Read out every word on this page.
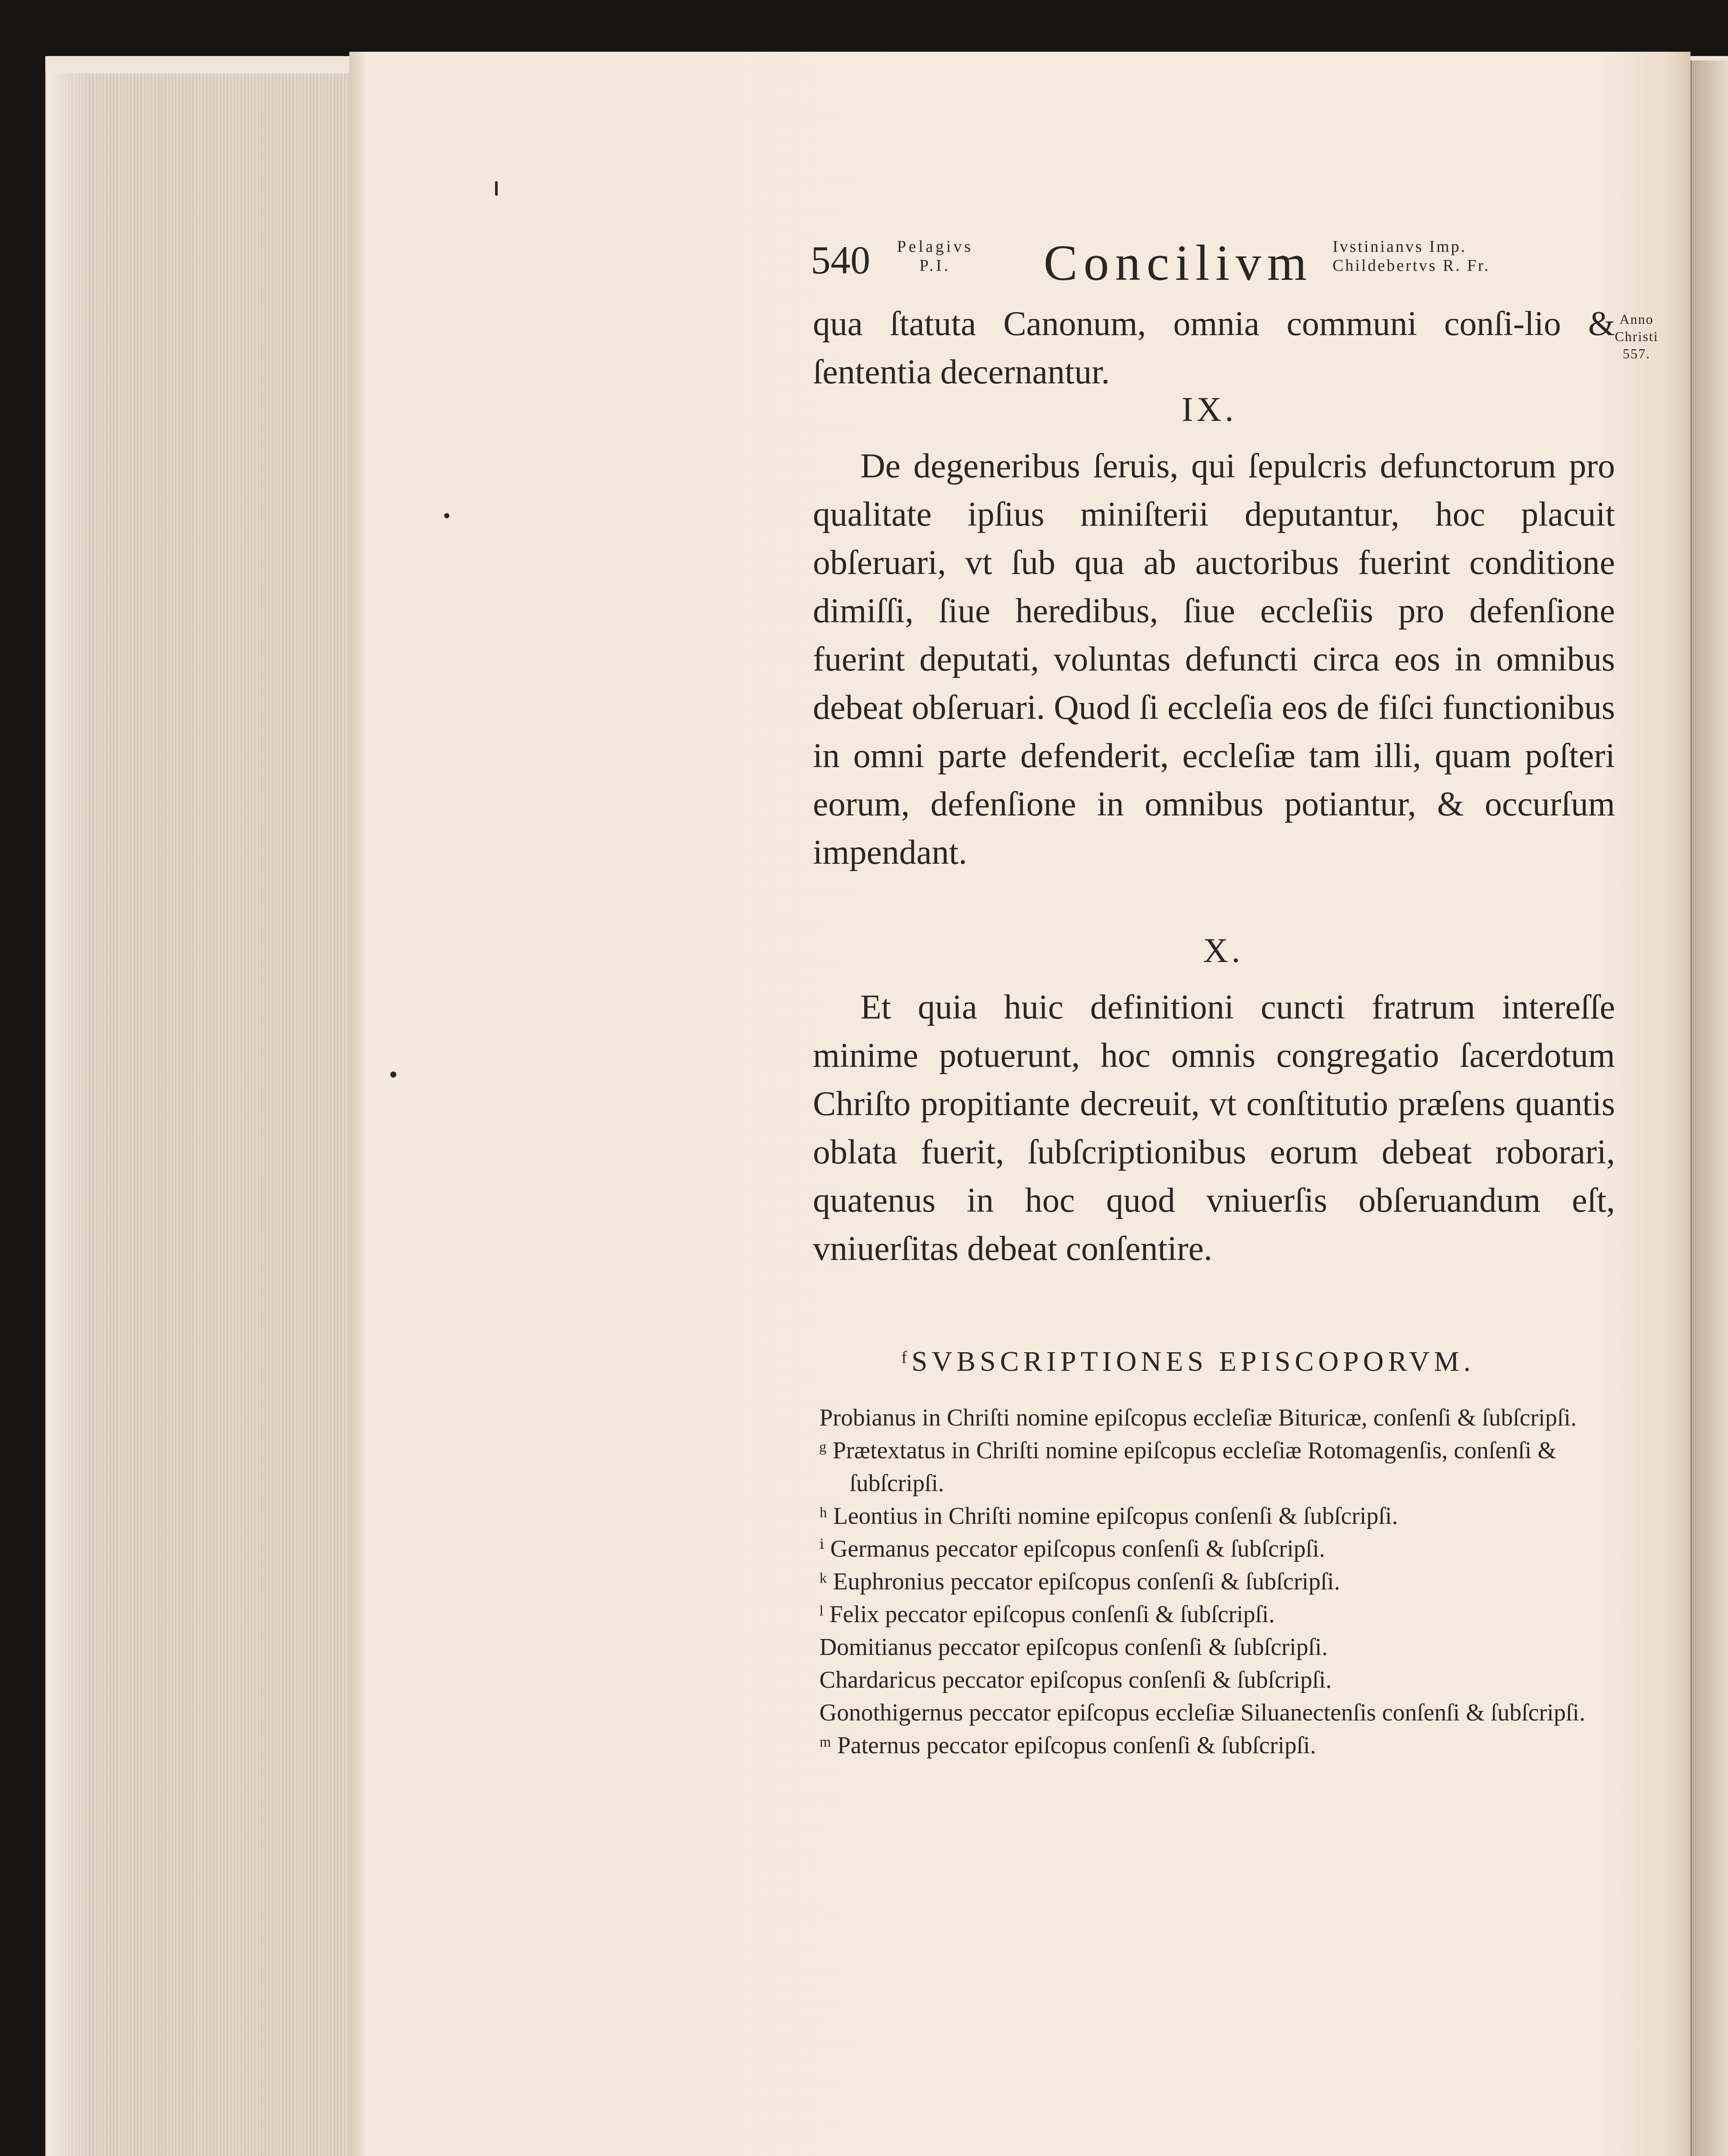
540 Pelagivs
P.I.	Concilivm Ivstinianvs Imp.
Childebertvs R. Fr.
Anno
Christi
557.

qua ſtatuta Canonum, omnia communi conſi-lio & ſententia decernantur.

IX.

De degeneribus ſeruis, qui ſepulcris defunctorum pro qualitate ipſius miniſterii deputantur, hoc placuit obſeruari, vt ſub qua ab auctoribus fuerint conditione dimiſſi, ſiue heredibus, ſiue eccleſiis pro defenſione fuerint deputati, voluntas defuncti circa eos in omnibus debeat obſeruari. Quod ſi eccleſia eos de fiſci functionibus in omni parte defenderit, eccleſiæ tam illi, quam poſteri eorum, defenſione in omnibus potiantur, & occurſum impendant.

X.

Et quia huic definitioni cuncti fratrum intereſſe minime potuerunt, hoc omnis congregatio ſacerdotum Chriſto propitiante decreuit, vt conſtitutio præſens quantis oblata fuerit, ſubſcriptionibus eorum debeat roborari, quatenus in hoc quod vniuerſis obſeruandum eſt, vniuerſitas debeat conſentire.

ᶠSVBSCRIPTIONES EPISCOPORVM.

Probianus in Chriſti nomine epiſcopus eccleſiæ Bituricæ, conſenſi & ſubſcripſi.

ᵍ Prætextatus in Chriſti nomine epiſcopus eccleſiæ Rotomagenſis, conſenſi & ſubſcripſi.

ʰ Leontius in Chriſti nomine epiſcopus conſenſi & ſubſcripſi.

ⁱ Germanus peccator epiſcopus conſenſi & ſubſcripſi.

ᵏ Euphronius peccator epiſcopus conſenſi & ſubſcripſi.

ˡ Felix peccator epiſcopus conſenſi & ſubſcripſi.

Domitianus peccator epiſcopus conſenſi & ſubſcripſi.

Chardaricus peccator epiſcopus conſenſi & ſubſcripſi.

Gonothigernus peccator epiſcopus eccleſiæ Siluanectenſis conſenſi & ſubſcripſi.

ᵐ Paternus peccator epiſcopus conſenſi & ſubſcripſi.
